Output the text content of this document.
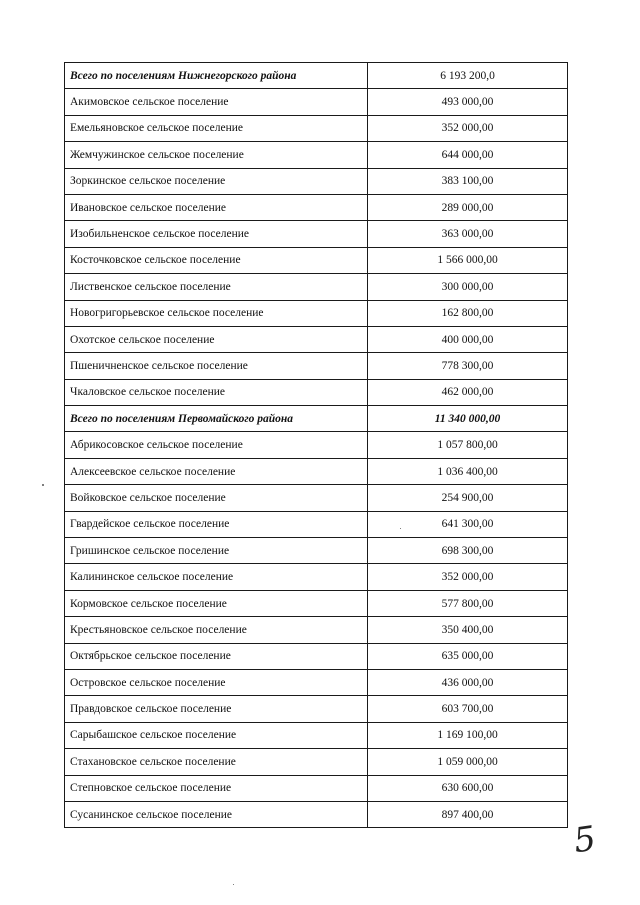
Всего по поселениям Нижнегорского района	6 193 200,0
Акимовское сельское поселение	493 000,00
Емельяновское сельское поселение	352 000,00
Жемчужинское сельское поселение	644 000,00
Зоркинское сельское поселение	383 100,00
Ивановское сельское поселение	289 000,00
Изобильненское сельское поселение	363 000,00
Косточковское сельское поселение	1 566 000,00
Лиственское сельское поселение	300 000,00
Новогригорьевское сельское поселение	162 800,00
Охотское сельское поселение	400 000,00
Пшеничненское сельское поселение	778 300,00
Чкаловское сельское поселение	462 000,00
Всего по поселениям Первомайского района	11 340 000,00
Абрикосовское сельское поселение	1 057 800,00
Алексеевское сельское поселение	1 036 400,00
Войковское сельское поселение	254 900,00
Гвардейское сельское поселение	641 300,00
Гришинское сельское поселение	698 300,00
Калининское сельское поселение	352 000,00
Кормовское сельское поселение	577 800,00
Крестьяновское сельское поселение	350 400,00
Октябрьское сельское поселение	635 000,00
Островское сельское поселение	436 000,00
Правдовское сельское поселение	603 700,00
Сарыбашское сельское поселение	1 169 100,00
Стахановское сельское поселение	1 059 000,00
Степновское сельское поселение	630 600,00
Сусанинское сельское поселение	897 400,00
5
